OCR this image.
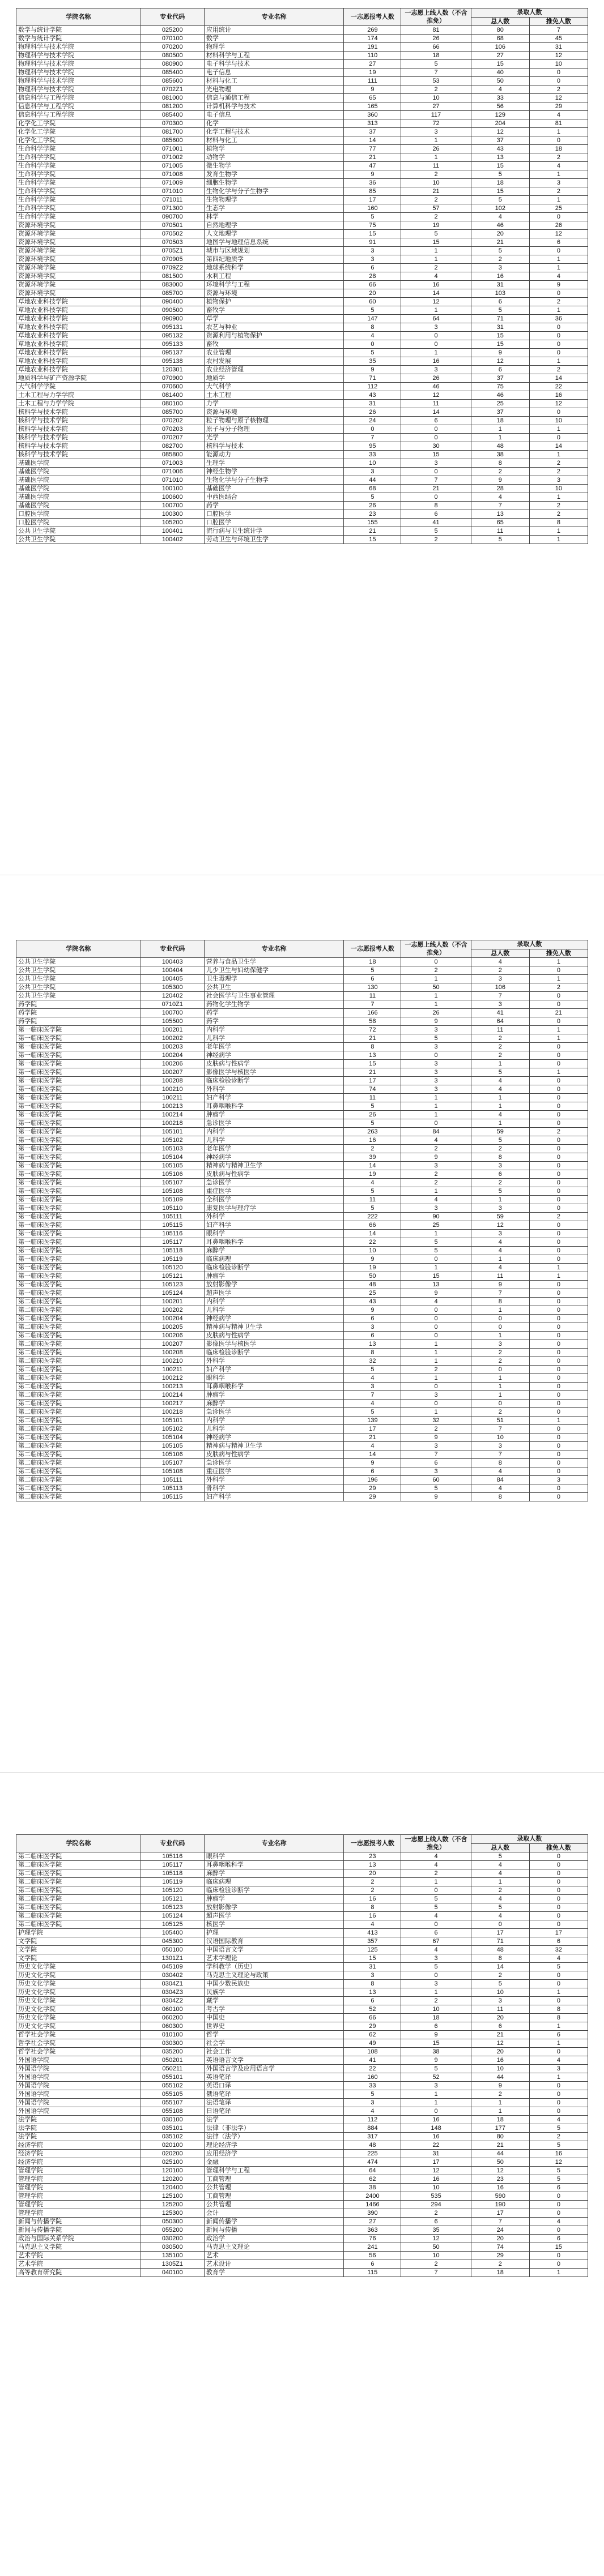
学院名称	专业代码	专业名称	一志愿报考人数	一志愿上线人数（不含推免）	录取人数	
					总人数	推免人数
数学与统计学院	025200	应用统计	269	81	80	7
数学与统计学院	070100	数学	174	26	68	45
物理科学与技术学院	070200	物理学	191	66	106	31
物理科学与技术学院	080500	材料科学与工程	110	18	27	12
物理科学与技术学院	080900	电子科学与技术	27	5	15	10
物理科学与技术学院	085400	电子信息	19	7	40	0
物理科学与技术学院	085600	材料与化工	111	53	50	0
物理科学与技术学院	0702Z1	光电物理	9	2	4	2
信息科学与工程学院	081000	信息与通信工程	65	10	33	12
信息科学与工程学院	081200	计算机科学与技术	165	27	56	29
信息科学与工程学院	085400	电子信息	360	117	129	4
化学化工学院	070300	化学	313	72	204	81
化学化工学院	081700	化学工程与技术	37	3	12	1
化学化工学院	085600	材料与化工	14	1	37	0
生命科学学院	071001	植物学	77	26	43	18
生命科学学院	071002	动物学	21	1	13	2
生命科学学院	071005	微生物学	47	11	15	4
生命科学学院	071008	发育生物学	9	2	5	1
生命科学学院	071009	细胞生物学	36	10	18	3
生命科学学院	071010	生物化学与分子生物学	85	21	15	2
生命科学学院	071011	生物物理学	17	2	5	1
生命科学学院	071300	生态学	160	57	102	25
生命科学学院	090700	林学	5	2	4	0
资源环境学院	070501	自然地理学	75	19	46	26
资源环境学院	070502	人文地理学	15	5	20	12
资源环境学院	070503	地图学与地理信息系统	91	15	21	6
资源环境学院	0705Z1	城市与区域规划	3	1	5	0
资源环境学院	070905	第四纪地质学	3	1	2	1
资源环境学院	0709Z2	地球系统科学	6	2	3	1
资源环境学院	081500	水利工程	28	4	16	4
资源环境学院	083000	环境科学与工程	66	16	31	9
资源环境学院	085700	资源与环境	20	14	103	0
草地农业科技学院	090400	植物保护	60	12	6	2
草地农业科技学院	090500	畜牧学	5	1	5	1
草地农业科技学院	090900	草学	147	64	71	36
草地农业科技学院	095131	农艺与种业	8	3	31	0
草地农业科技学院	095132	资源利用与植物保护	4	0	15	0
草地农业科技学院	095133	畜牧	0	0	15	0
草地农业科技学院	095137	农业管理	5	1	9	0
草地农业科技学院	095138	农村发展	35	16	12	1
草地农业科技学院	120301	农业经济管理	9	3	6	2
地质科学与矿产资源学院	070900	地质学	71	26	37	14
大气科学学院	070600	大气科学	112	46	75	22
土木工程与力学学院	081400	土木工程	43	12	46	16
土木工程与力学学院	080100	力学	31	11	25	12
核科学与技术学院	085700	资源与环境	26	14	37	0
核科学与技术学院	070202	粒子物理与原子核物理	24	6	18	10
核科学与技术学院	070203	原子与分子物理	0	0	1	1
核科学与技术学院	070207	光学	7	0	1	0
核科学与技术学院	082700	核科学与技术	95	30	48	14
核科学与技术学院	085800	能源动力	33	15	38	1
基础医学院	071003	生理学	10	3	8	2
基础医学院	071006	神经生物学	3	0	2	2
基础医学院	071010	生物化学与分子生物学	44	7	9	3
基础医学院	100100	基础医学	68	21	28	10
基础医学院	100600	中西医结合	5	0	4	1
基础医学院	100700	药学	26	8	7	2
口腔医学院	100300	口腔医学	23	6	13	2
口腔医学院	105200	口腔医学	155	41	65	8
公共卫生学院	100401	流行病与卫生统计学	21	5	11	1
公共卫生学院	100402	劳动卫生与环境卫生学	15	2	5	1
学院名称	专业代码	专业名称	一志愿报考人数	一志愿上线人数（不含推免）	录取人数	
					总人数	推免人数
公共卫生学院	100403	营养与食品卫生学	18	0	4	1
公共卫生学院	100404	儿少卫生与妇幼保健学	5	2	2	0
公共卫生学院	100405	卫生毒理学	6	1	3	1
公共卫生学院	105300	公共卫生	130	50	106	2
公共卫生学院	120402	社会医学与卫生事业管理	11	1	7	0
药学院	0710Z1	药物化学生物学	7	1	3	0
药学院	100700	药学	166	26	41	21
药学院	105500	药学	58	9	64	0
第一临床医学院	100201	内科学	72	3	11	1
第一临床医学院	100202	儿科学	21	5	2	1
第一临床医学院	100203	老年医学	8	3	2	0
第一临床医学院	100204	神经病学	13	0	2	0
第一临床医学院	100206	皮肤病与性病学	15	3	1	0
第一临床医学院	100207	影像医学与核医学	21	3	5	1
第一临床医学院	100208	临床检验诊断学	17	3	4	0
第一临床医学院	100210	外科学	74	3	4	0
第一临床医学院	100211	妇产科学	11	1	1	0
第一临床医学院	100213	耳鼻咽喉科学	5	1	1	0
第一临床医学院	100214	肿瘤学	26	1	4	0
第一临床医学院	100218	急诊医学	5	0	1	0
第一临床医学院	105101	内科学	263	84	59	2
第一临床医学院	105102	儿科学	16	4	5	0
第一临床医学院	105103	老年医学	2	2	2	0
第一临床医学院	105104	神经病学	39	9	8	0
第一临床医学院	105105	精神病与精神卫生学	14	3	3	0
第一临床医学院	105106	皮肤病与性病学	19	2	6	0
第一临床医学院	105107	急诊医学	4	2	2	0
第一临床医学院	105108	重症医学	5	1	5	0
第一临床医学院	105109	全科医学	11	4	1	0
第一临床医学院	105110	康复医学与理疗学	5	3	3	0
第一临床医学院	105111	外科学	222	90	59	2
第一临床医学院	105115	妇产科学	66	25	12	0
第一临床医学院	105116	眼科学	14	1	3	0
第一临床医学院	105117	耳鼻咽喉科学	22	5	4	0
第一临床医学院	105118	麻醉学	10	5	4	0
第一临床医学院	105119	临床病理	9	0	1	0
第一临床医学院	105120	临床检验诊断学	19	1	4	1
第一临床医学院	105121	肿瘤学	50	15	11	1
第一临床医学院	105123	放射影像学	48	13	9	0
第一临床医学院	105124	超声医学	25	9	7	0
第二临床医学院	100201	内科学	43	4	8	0
第二临床医学院	100202	儿科学	9	0	1	0
第二临床医学院	100204	神经病学	6	0	0	0
第二临床医学院	100205	精神病与精神卫生学	3	0	0	0
第二临床医学院	100206	皮肤病与性病学	6	0	1	0
第二临床医学院	100207	影像医学与核医学	13	1	3	0
第二临床医学院	100208	临床检验诊断学	8	1	2	0
第二临床医学院	100210	外科学	32	1	2	0
第二临床医学院	100211	妇产科学	5	2	0	0
第二临床医学院	100212	眼科学	4	1	1	0
第二临床医学院	100213	耳鼻咽喉科学	3	0	1	0
第二临床医学院	100214	肿瘤学	7	3	1	0
第二临床医学院	100217	麻醉学	4	0	0	0
第二临床医学院	100218	急诊医学	5	1	2	0
第二临床医学院	105101	内科学	139	32	51	1
第二临床医学院	105102	儿科学	17	2	7	0
第二临床医学院	105104	神经病学	21	9	10	0
第二临床医学院	105105	精神病与精神卫生学	4	3	3	0
第二临床医学院	105106	皮肤病与性病学	14	7	7	0
第二临床医学院	105107	急诊医学	9	6	8	0
第二临床医学院	105108	重症医学	6	3	4	0
第二临床医学院	105111	外科学	196	60	84	3
第二临床医学院	105113	骨科学	29	5	4	0
第二临床医学院	105115	妇产科学	29	9	8	0
学院名称	专业代码	专业名称	一志愿报考人数	一志愿上线人数（不含推免）	录取人数	
					总人数	推免人数
第二临床医学院	105116	眼科学	23	4	5	0
第二临床医学院	105117	耳鼻咽喉科学	13	4	4	0
第二临床医学院	105118	麻醉学	20	2	4	0
第二临床医学院	105119	临床病理	2	1	1	0
第二临床医学院	105120	临床检验诊断学	2	0	2	0
第二临床医学院	105121	肿瘤学	16	5	4	0
第二临床医学院	105123	放射影像学	8	5	5	0
第二临床医学院	105124	超声医学	16	4	4	0
第二临床医学院	105125	核医学	4	0	0	0
护理学院	105400	护理	413	6	17	17
文学院	045300	汉语国际教育	357	67	71	6
文学院	050100	中国语言文学	125	4	48	32
文学院	1301Z1	艺术学理论	15	3	8	4
历史文化学院	045109	学科教学（历史）	31	5	14	5
历史文化学院	030402	马克思主义理论与政策	3	0	2	0
历史文化学院	0304Z1	中国少数民族史	8	3	5	0
历史文化学院	0304Z3	民族学	13	1	10	1
历史文化学院	0304Z2	藏学	6	2	3	0
历史文化学院	060100	考古学	52	10	11	8
历史文化学院	060200	中国史	66	18	20	8
历史文化学院	060300	世界史	29	6	6	1
哲学社会学院	010100	哲学	62	9	21	6
哲学社会学院	030300	社会学	49	15	12	1
哲学社会学院	035200	社会工作	108	38	20	0
外国语学院	050201	英语语言文学	41	9	16	4
外国语学院	050211	外国语言学及应用语言学	22	5	10	3
外国语学院	055101	英语笔译	160	52	44	1
外国语学院	055102	英语口译	33	3	9	0
外国语学院	055105	俄语笔译	5	1	2	0
外国语学院	055107	法语笔译	3	1	1	0
外国语学院	055108	日语笔译	4	0	1	0
法学院	030100	法学	112	16	18	4
法学院	035101	法律（非法学）	884	148	177	5
法学院	035102	法律（法学）	317	16	80	2
经济学院	020100	理论经济学	48	22	21	5
经济学院	020200	应用经济学	225	31	44	16
经济学院	025100	金融	474	17	50	12
管理学院	120100	管理科学与工程	64	12	12	5
管理学院	120200	工商管理	62	16	23	5
管理学院	120400	公共管理	38	10	16	6
管理学院	125100	工商管理	2400	535	590	0
管理学院	125200	公共管理	1466	294	190	0
管理学院	125300	会计	390	2	17	0
新闻与传播学院	050300	新闻传播学	27	6	7	4
新闻与传播学院	055200	新闻与传播	363	35	24	0
政治与国际关系学院	030200	政治学	76	12	20	6
马克思主义学院	030500	马克思主义理论	241	50	74	15
艺术学院	135100	艺术	56	10	29	0
艺术学院	1305Z1	艺术设计	6	2	2	0
高等教育研究院	040100	教育学	115	7	18	1
